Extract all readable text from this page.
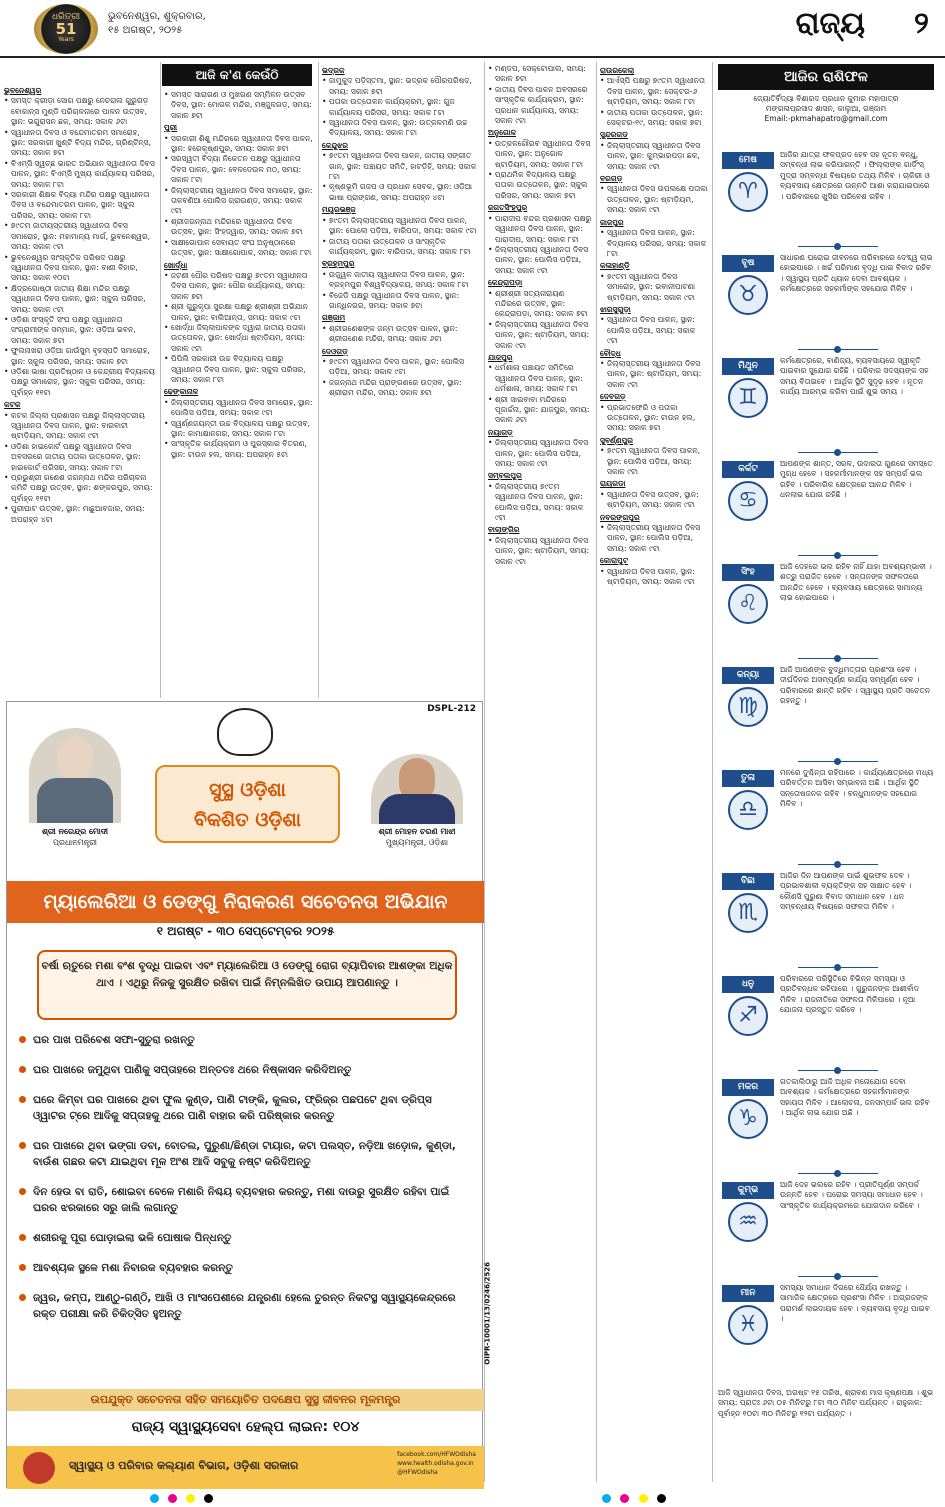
ଧରିତ୍ରୀ
51
Years
ଭୁବନେଶ୍ୱର, ଶୁକ୍ରବାର,
୧୫ ଅଗଷ୍ଟ, ୨୦୨୫	ରାଜ୍ୟ ୨
ଆଜି କ'ଣ କେଉଁଠି
ଭୁବନେଶ୍ୱର
• ସମସ୍ତ କ୍ରୀଡ଼ା ସୋଗ ପକ୍ଷରୁ ନେଚରାଲ ଗୁରୁଗଡ଼ ବୋକାନ୍ସ ମୁଣ୍ଡି ପରିଚାଳନାରେ ପାଳନ ଉତ୍ସବ, ସ୍ଥାନ: ଭଗୁରାସନ ଛକ, ସମୟ: ସକାଳ ୬ଟା
• ସ୍ୱାଧୀନତା ଦିବସ ଓ ବନ୍ଦେମାତରମ ସମାରୋହ, ସ୍ଥାନ: ସରକାରୀ ଖୁଣ୍ଟି ବିଦ୍ୟ ମନ୍ଦିର, ଗ୍ରିଣ୍ଟିନ୍ସ, ସମୟ: ସକାଳ ୭ଟା
• ବିଏମ୍ସି ସ୍ୱଚ୍ଛ ଭାରତ ଅଭିଯାନ ସ୍ୱାଧୀନତା ଦିବସ ପାଳନ, ସ୍ଥାନ: ବିଏମ୍ସି ମୁଖ୍ୟ କାର୍ଯ୍ୟାଳୟ ପରିସର, ସମୟ: ସକାଳ ୮ଟା
• ସରକାରୀ ଶିକ୍ଷକ ବିଦ୍ୟା ମନ୍ଦିର ପକ୍ଷରୁ ସ୍ୱାଧୀନତା ଦିବସ ଓ ବନ୍ଦେମାତରମ ପାଳନ, ସ୍ଥାନ: ସ୍କୁଲ ପରିସର, ସମୟ: ସକାଳ ୮ଟା
• ୭୯ତମ ଜାତୀୟସ୍ତରୀୟ ସ୍ୱାଧୀନତା ଦିବସ ସମାରୋହ, ସ୍ଥାନ: ମହାମାନ୍ୟ ମାର୍ଗ, ଭୁବନେଶ୍ୱର, ସମୟ: ସକାଳ ୯ଟା
• ଭୁବନେଶ୍ୱର ସାଂସ୍କୃତିକ ପରିଷଦ ପକ୍ଷରୁ ସ୍ୱାଧୀନତା ଦିବସ ପାଳନ, ସ୍ଥାନ: ବାଣୀ ବିହାର, ସମୟ: ସକାଳ ୧୦ଟା
• କ୍ଷିଦ୍ରଗୋଷ୍ଠୀ ଜାତୀୟ ଶିକ୍ଷା ମନ୍ଦିର ପକ୍ଷରୁ ସ୍ୱାଧୀନତା ଦିବସ ପାଳନ, ସ୍ଥାନ: ସ୍କୁଲ ପରିସର, ସମୟ: ସକାଳ ୯ଟା
• ଓଡ଼ିଶା ସଂସ୍କୃତି ସଂଘ ପକ୍ଷରୁ ସ୍ୱାଧୀନତା ସଂଗ୍ରାମୀଙ୍କ ସମ୍ମାନ, ସ୍ଥାନ: ଓଡ଼ିଆ ଭବନ, ସମୟ: ସକାଳ ୭ଟା
• ଫୁଲନାଖରା ଓଡ଼ିଆ ଗାଉଁସୁମ ବୃହସ୍ପତି ସମାରୋହ, ସ୍ଥାନ: ସ୍କୁଲ ପରିସର, ସମୟ: ସକାଳ ୭ଟା
• ଓଡ଼ିଶା ଭାଷା ପ୍ରତିଷ୍ଠାନ ଓ କେନ୍ଦ୍ରୀୟ ବିଦ୍ୟାଳୟ ପକ୍ଷରୁ ସମାରୋହ, ସ୍ଥାନ: ସ୍କୁଲ ପରିସର, ସମୟ: ପୂର୍ବାହ୍ନ ୧୧ଟା
କଟକ
• କଟକ ଜିଲ୍ଲା ପ୍ରଶାସନ ପକ୍ଷରୁ ଜିଲ୍ଲାସ୍ତରୀୟ ସ୍ୱାଧୀନତା ଦିବସ ପାଳନ, ସ୍ଥାନ: ବାରବାଟୀ ଷ୍ଟାଡ଼ିୟମ, ସମୟ: ସକାଳ ୯ଟା
• ଓଡ଼ିଶା ହାଇକୋର୍ଟ ପକ୍ଷରୁ ସ୍ୱାଧୀନତା ଦିବସ ଅବସରରେ ଜାତୀୟ ପତାକା ଉତ୍ତୋଳନ, ସ୍ଥାନ: ହାଇକୋର୍ଟ ପରିସର, ସମୟ: ସକାଳ ୮ଟା
• ପ୍ରଭୁଶ୍ରୀ ଗଣେଶ ଜଗନ୍ନାଥ ମନ୍ଦିର ପରିଚାଳନା କମିଟି ପକ୍ଷରୁ ଉତ୍ସବ, ସ୍ଥାନ: ଶଙ୍କରପୁର, ସମୟ: ପୂର୍ବାହ୍ନ ୧୧ଟା
• ପୁରୀଘାଟ ଉତ୍ସବ, ସ୍ଥାନ: ମାଛୁଆବଜାର, ସମୟ: ଅପରାହ୍ନ ୪ଟା
• ସମସ୍ତ ସାରାଗଣ ଓ ମୁଖଗଣ ସମ୍ମିଳନ ଉତ୍ସବ ଦିବସ, ସ୍ଥାନ: ମୋଗଳ ମନ୍ଦିର, ମଞ୍ଜୁଳଗଡ଼, ସମୟ: ସକାଳ ୭ଟା
ପୁରୀ
• ସରକାରୀ ଶିଶୁ ମନ୍ଦିରରେ ସ୍ୱାଧୀନତା ଦିବସ ପାଳନ, ସ୍ଥାନ: ହରେକୃଷ୍ଣପୁର, ସମୟ: ସକାଳ ୭ଟା
• ସରସ୍ୱତୀ ବିଦ୍ୟା ନିକେତନ ପକ୍ଷରୁ ସ୍ୱାଧୀନତା ଦିବସ ପାଳନ, ସ୍ଥାନ: ବେଳଦେଉଳ ମଠ, ସମୟ: ସକାଳ ୮ଟା
• ଜିଲ୍ଲାସ୍ତରୀୟ ସ୍ୱାଧୀନତା ଦିବସ ସମାରୋହ, ସ୍ଥାନ: ତାଳବଣିଆ ପୋଲିସ ଗ୍ରାଉଣ୍ଡ, ସମୟ: ସକାଳ ୯ଟା
• ଶ୍ରୀଜଗନ୍ନାଥ ମନ୍ଦିରରେ ସ୍ୱାଧୀନତା ଦିବସ ଉତ୍ସବ, ସ୍ଥାନ: ସିଂହଦ୍ୱାର, ସମୟ: ସକାଳ ୭ଟା
• ସାକ୍ଷୀଗୋପାଳ ସେବାୟତ ସଂଘ ଅନୁଷ୍ଠାନରେ ଉତ୍ସବ, ସ୍ଥାନ: ସାକ୍ଷୀଗୋପାଳ, ସମୟ: ସକାଳ ୮ଟା
ଖୋର୍ଦ୍ଧା
• ଜଟଣୀ ପୌର ପରିଷଦ ପକ୍ଷରୁ ୭୯ତମ ସ୍ୱାଧୀନତା ଦିବସ ପାଳନ, ସ୍ଥାନ: ପୌର କାର୍ଯ୍ୟାଳୟ, ସମୟ: ସକାଳ ୭ଟା
• ଶ୍ରୀ ଗୁରୁକୃପା ସୁରକ୍ଷା ପକ୍ଷରୁ ଶ୍ରୀଶ୍ରୀ ଅଭିଯାନ ପାଳନ, ସ୍ଥାନ: ବାଲିଆନ୍ତା, ସମୟ: ସକାଳ ୯ଟା
• ଖୋର୍ଦ୍ଧା ଜିଲ୍ଲାପାଳଙ୍କ ଦ୍ୱାରା ଜାତୀୟ ପତାକା ଉତ୍ତୋଳନ, ସ୍ଥାନ: ଖୋର୍ଦ୍ଧା ଷ୍ଟାଡ଼ିୟମ, ସମୟ: ସକାଳ ୯ଟା
• ପିପିଲି ସରକାରୀ ଉଚ୍ଚ ବିଦ୍ୟାଳୟ ପକ୍ଷରୁ ସ୍ୱାଧୀନତା ଦିବସ ପାଳନ, ସ୍ଥାନ: ସ୍କୁଲ ପରିସର, ସମୟ: ସକାଳ ୮ଟା
ଢେଙ୍କାନାଳ
• ଜିଲ୍ଲାସ୍ତରୀୟ ସ୍ୱାଧୀନତା ଦିବସ ସମାରୋହ, ସ୍ଥାନ: ପୋଲିସ ପଡ଼ିଆ, ସମୟ: ସକାଳ ୯ଟା
• ସ୍ୱର୍ଣ୍ଣଜୟନ୍ତୀ ଉଚ୍ଚ ବିଦ୍ୟାଳୟ ପକ୍ଷରୁ ଉତ୍ସବ, ସ୍ଥାନ: କାମାକ୍ଷାନଗର, ସମୟ: ସକାଳ ୮ଟା
• ସାଂସ୍କୃତିକ କାର୍ଯ୍ୟକ୍ରମ ଓ ପୁରସ୍କାର ବିତରଣ, ସ୍ଥାନ: ଟାଉନ ହଲ, ସମୟ: ଅପରାହ୍ନ ୫ଟା
ଭଦ୍ରକ
• ଜାମୁକୁଦ ପଡ଼ିସ୍ତମା, ସ୍ଥାନ: ଭଦ୍ରକ ପୌରପରିଷଦ, ସମୟ: ସକାଳ ୭ଟା
• ପତାକା ଉତ୍ତୋଳନ କାର୍ଯ୍ୟକ୍ରମ, ସ୍ଥାନ: ଗୁଜ କାର୍ଯ୍ୟାଳୟ ପରିସର, ସମୟ: ସକାଳ ୮ଟା
• ସ୍ୱାଧୀନତା ଦିବସ ପାଳନ, ସ୍ଥାନ: ଉତ୍କଳମଣି ଉଚ୍ଚ ବିଦ୍ୟାଳୟ, ସମୟ: ସକାଳ ୮ଟା
କେନ୍ଦୁଝର
• ୭୯ତମ ସ୍ୱାଧୀନତା ଦିବସ ପାଳନ, ଜାତୀୟ ସଙ୍ଗୀତ ଗାନ, ସ୍ଥାନ: ପଞ୍ଚାୟତ ସମିତି, ହାଟଡ଼ିହି, ସମୟ: ସକାଳ ୮ଟା
• କୃଷ୍ଣଭୂମି ଗଜପ ଓ ପ୍ରଧାନ ସେବକ, ସ୍ଥାନ: ଓଡ଼ିଆ ଭାଷା ପ୍ରାଙ୍ଗଣ, ସମୟ: ଅପରାହ୍ନ ୪ଟା
ମୟୂରଭଞ୍ଜ
• ୭୯ତମ ଜିଲ୍ଲାସ୍ତରୀୟ ସ୍ୱାଧୀନତା ଦିବସ ପାଳନ, ସ୍ଥାନ: ପୋଲୋ ପଡ଼ିଆ, ବାରିପଦା, ସମୟ: ସକାଳ ୯ଟା
• ଜାତୀୟ ପତାକା ଉତ୍ତୋଳନ ଓ ସାଂସ୍କୃତିକ କାର୍ଯ୍ୟକ୍ରମ, ସ୍ଥାନ: ବାରିପଦା, ସମୟ: ସକାଳ ୮ଟା
ବ୍ରହ୍ମପୁର
• ଉଜ୍ଜ୍ୱଳ ଜାତୀୟ ସ୍ୱାଧୀନତା ଦିବସ ପାଳନ, ସ୍ଥାନ: ବ୍ରହ୍ମପୁର ବିଶ୍ୱବିଦ୍ୟାଳୟ, ସମୟ: ସକାଳ ୮ଟା
• ବିଜେଡି ପକ୍ଷରୁ ସ୍ୱାଧୀନତା ଦିବସ ପାଳନ, ସ୍ଥାନ: ଗାନ୍ଧିନଗର, ସମୟ: ସକାଳ ୭ଟା
ଗଞ୍ଜାମ
• ଶ୍ରୀଗଣେଶଙ୍କ ଜନ୍ମ ଉତ୍ସବ ପାଳନ, ସ୍ଥାନ: ଶ୍ରୀଗଣେଶ ମନ୍ଦିର, ସମୟ: ସକାଳ ୬ଟା
ଦେଓଗଡ଼
• ୭୯ତମ ସ୍ୱାଧୀନତା ଦିବସ ପାଳନ, ସ୍ଥାନ: ପୋଲିସ ପଡ଼ିଆ, ସମୟ: ସକାଳ ୯ଟା
• ଜଗନ୍ନାଥ ମନ୍ଦିର ପ୍ରାଙ୍ଗଣରେ ଉତ୍ସବ, ସ୍ଥାନ: ଶ୍ରୀରାମ ମନ୍ଦିର, ସମୟ: ସକାଳ ୭ଟା
• ମଣ୍ଡପ, ସେକ୍ଟୋପାଲ, ସମୟ: ସକାଳ ୭ଟା
• ଜାତୀୟ ଦିବସ ପାଳନ ଅବସରରେ ସାଂସ୍କୃତିକ କାର୍ଯ୍ୟକ୍ରମ, ସ୍ଥାନ: ପ୍ରଧାନ କାର୍ଯ୍ୟାଳୟ, ସମୟ: ସକାଳ ୯ଟା
ଅନୁଗୋଳ
• ଉତ୍କଳଗୌରବ ସ୍ୱାଧୀନତା ଦିବସ ପାଳନ, ସ୍ଥାନ: ଅନୁଗୋଳ ଷ୍ଟାଡ଼ିୟମ, ସମୟ: ସକାଳ ୮ଟା
• ପ୍ରାଥମିକ ବିଦ୍ୟାଳୟ ପକ୍ଷରୁ ପତାକା ଉତ୍ତୋଳନ, ସ୍ଥାନ: ସ୍କୁଲ ପରିସର, ସମୟ: ସକାଳ ୭ଟା
ଜଗତସିଂହପୁର
• ପାରାଦୀପ ବନ୍ଦର ପ୍ରଶାସନ ପକ୍ଷରୁ ସ୍ୱାଧୀନତା ଦିବସ ପାଳନ, ସ୍ଥାନ: ପାରାଦୀପ, ସମୟ: ସକାଳ ୮ଟା
• ଜିଲ୍ଲାସ୍ତରୀୟ ସ୍ୱାଧୀନତା ଦିବସ ପାଳନ, ସ୍ଥାନ: ପୋଲିସ ପଡ଼ିଆ, ସମୟ: ସକାଳ ୯ଟା
କେନ୍ଦ୍ରାପଡ଼ା
• ଶ୍ରୀଶ୍ରୀ ସତ୍ୟନାରାୟଣ ମନ୍ଦିରରେ ଉତ୍ସବ, ସ୍ଥାନ: କେନ୍ଦ୍ରାପଡ଼ା, ସମୟ: ସକାଳ ୭ଟା
• ଜିଲ୍ଲାସ୍ତରୀୟ ସ୍ୱାଧୀନତା ଦିବସ ପାଳନ, ସ୍ଥାନ: ଷ୍ଟାଡ଼ିୟମ, ସମୟ: ସକାଳ ୯ଟା
ଯାଜପୁର
• ଧର୍ମଶାଳା ପଞ୍ଚାୟତ ସମିତିରେ ସ୍ୱାଧୀନତା ଦିବସ ପାଳନ, ସ୍ଥାନ: ଧର୍ମଶାଳା, ସମୟ: ସକାଳ ୮ଟା
• ଶ୍ରୀ ସାଇବାବା ମନ୍ଦିରରେ ପୂଜାର୍ଚ୍ଚନା, ସ୍ଥାନ: ଯାଜପୁର, ସମୟ: ସକାଳ ୬ଟା
ନୟାଗଡ଼
• ଜିଲ୍ଲାସ୍ତରୀୟ ସ୍ୱାଧୀନତା ଦିବସ ପାଳନ, ସ୍ଥାନ: ପୋଲିସ ପଡ଼ିଆ, ସମୟ: ସକାଳ ୯ଟା
ସମ୍ବଲପୁର
• ଜିଲ୍ଲାସ୍ତରୀୟ ୭୯ତମ ସ୍ୱାଧୀନତା ଦିବସ ପାଳନ, ସ୍ଥାନ: ପୋଲିସ ପଡ଼ିଆ, ସମୟ: ସକାଳ ୯ଟା
ବାଲାଙ୍ଗିର
• ଜିଲ୍ଲାସ୍ତରୀୟ ସ୍ୱାଧୀନତା ଦିବସ ପାଳନ, ସ୍ଥାନ: ଷ୍ଟାଡ଼ିୟମ, ସମୟ: ସକାଳ ୯ଟା
ରାଉରକେଲା
• ଆର୍ଏସ୍ପି ପକ୍ଷରୁ ୭୯ତମ ସ୍ୱାଧୀନତା ଦିବସ ପାଳନ, ସ୍ଥାନ: ସେକ୍ଟର-୬ ଷ୍ଟାଡ଼ିୟମ, ସମୟ: ସକାଳ ୮ଟା
• ଜାତୀୟ ପତାକା ଉତ୍ତୋଳନ, ସ୍ଥାନ: ସେକ୍ଟର-୧୯, ସମୟ: ସକାଳ ୭ଟା
ସୁନ୍ଦରଗଡ଼
• ଜିଲ୍ଲାସ୍ତରୀୟ ସ୍ୱାଧୀନତା ଦିବସ ପାଳନ, ସ୍ଥାନ: କୁମ୍ଭାରପଡ଼ା ଛକ, ସମୟ: ସକାଳ ୯ଟା
ବରଗଡ଼
• ସ୍ୱାଧୀନତା ଦିବସ ଉପଲକ୍ଷେ ପତାକା ଉତ୍ତୋଳନ, ସ୍ଥାନ: ଷ୍ଟାଡ଼ିୟମ, ସମୟ: ସକାଳ ୯ଟା
ଜାଜପୁର
• ସ୍ୱାଧୀନତା ଦିବସ ପାଳନ, ସ୍ଥାନ: ବିଦ୍ୟାଳୟ ପରିସର, ସମୟ: ସକାଳ ୮ଟା
କଳାହାଣ୍ଡି
• ୭୯ତମ ସ୍ୱାଧୀନତା ଦିବସ ସମାରୋହ, ସ୍ଥାନ: ଭବାନୀପାଟଣା ଷ୍ଟାଡ଼ିୟମ, ସମୟ: ସକାଳ ୯ଟା
ଝାରସୁଗୁଡ଼ା
• ସ୍ୱାଧୀନତା ଦିବସ ପାଳନ, ସ୍ଥାନ: ପୋଲିସ ପଡ଼ିଆ, ସମୟ: ସକାଳ ୯ଟା
ବୌଦ୍ଧ
• ଜିଲ୍ଲାସ୍ତରୀୟ ସ୍ୱାଧୀନତା ଦିବସ ପାଳନ, ସ୍ଥାନ: ଷ୍ଟାଡ଼ିୟମ, ସମୟ: ସକାଳ ୯ଟା
ଦେବଗଡ଼
• ପ୍ରଭାତଫେରି ଓ ପତାକା ଉତ୍ତୋଳନ, ସ୍ଥାନ: ଟାଉନ ହଲ, ସମୟ: ସକାଳ ୭ଟା
ସୁବର୍ଣ୍ଣପୁର
• ୭୯ତମ ସ୍ୱାଧୀନତା ଦିବସ ପାଳନ, ସ୍ଥାନ: ପୋଲିସ ପଡ଼ିଆ, ସମୟ: ସକାଳ ୯ଟା
ରାୟଗଡ଼ା
• ସ୍ୱାଧୀନତା ଦିବସ ଉତ୍ସବ, ସ୍ଥାନ: ଷ୍ଟାଡ଼ିୟମ, ସମୟ: ସକାଳ ୯ଟା
ନବରଙ୍ଗପୁର
• ଜିଲ୍ଲାସ୍ତରୀୟ ସ୍ୱାଧୀନତା ଦିବସ ପାଳନ, ସ୍ଥାନ: ପୋଲିସ ପଡ଼ିଆ, ସମୟ: ସକାଳ ୯ଟା
କୋରାପୁଟ
• ସ୍ୱାଧୀନତା ଦିବସ ପାଳନ, ସ୍ଥାନ: ଷ୍ଟାଡ଼ିୟମ, ସମୟ: ସକାଳ ୯ଟା
DSPL-212
ଶ୍ରୀ ନରେନ୍ଦ୍ର ମୋଦୀ
ପ୍ରଧାନମନ୍ତ୍ରୀ
ଶ୍ରୀ ମୋହନ ଚରଣ ମାଝୀ
ମୁଖ୍ୟମନ୍ତ୍ରୀ, ଓଡ଼ିଶା
ସୁସ୍ଥ ଓଡ଼ିଶା
ବିକଶିତ ଓଡ଼ିଶା
ମ୍ୟାଲେରିଆ ଓ ଡେଙ୍ଗୁ ନିରାକରଣ ସଚେତନତା ଅଭିଯାନ
୧ ଅଗଷ୍ଟ - ୩୦ ସେପ୍ଟେମ୍ବର ୨୦୨୫
ବର୍ଷା ଋତୁରେ ମଶା ବଂଶ ବୃଦ୍ଧି ପାଇବା ଏବଂ ମ୍ୟାଲେରିଆ ଓ ଡେଙ୍ଗୁ ରୋଗ ବ୍ୟାପିବାର ଆଶଙ୍କା ଅଧିକ ଥାଏ । ଏଥିରୁ ନିଜକୁ ସୁରକ୍ଷିତ ରଖିବା ପାଇଁ ନିମ୍ନଲିଖିତ ଉପାୟ ଆପଣାନ୍ତୁ ।
ଘର ପାଖ ପରିବେଶ ସଫା-ସୁତୁରା ରଖନ୍ତୁ
ଘର ପାଖରେ ଜମୁଥିବା ପାଣିକୁ ସପ୍ତାହରେ ଅନ୍ତତଃ ଥରେ ନିଷ୍କାସନ କରିଦିଅନ୍ତୁ
ଘରେ କିମ୍ବା ଘର ପାଖରେ ଥିବା ଫୁଲ କୁଣ୍ଡ, ପାଣି ଟାଙ୍କି, କୁଲର, ଫ୍ରିଜ୍ର ପଛପଟେ ଥିବା ଡ୍ରିପ୍ସ ଓ୍ୱାଟର ଟ୍ରେ ଆଦିକୁ ସପ୍ତାହକୁ ଥରେ ପାଣି ବାହାର କରି ପରିଷ୍କାର କରନ୍ତୁ
ଘର ପାଖରେ ଥିବା ଭଙ୍ଗା ଡବା, ବୋତଲ, ପୁରୁଣା/ଛିଣ୍ଡା ଟାୟାର, କଟା ପଲସ୍ତ, ନଡ଼ିଆ ଖଡ଼ୋଳ, କୁଣ୍ଡା, ବାଉଁଶ ଗଛର କଟା ଯାଇଥିବା ମୂଳ ଅଂଶ ଆଦି ସବୁକୁ ନଷ୍ଟ କରିଦିଅନ୍ତୁ
ଦିନ ହେଉ ବା ରାତି, ଶୋଇବା ବେଳେ ମଶାରି ନିଶ୍ଚୟ ବ୍ୟବହାର କରନ୍ତୁ, ମଶା ଦାଉରୁ ସୁରକ୍ଷିତ ରହିବା ପାଇଁ ଘରର ଝରକାରେ ସରୁ ଜାଲି ଲଗାନ୍ତୁ
ଶରୀରକୁ ପୂରା ଘୋଡ଼ାଇଲା ଭଳି ପୋଷାକ ପିନ୍ଧନ୍ତୁ
ଆବଶ୍ୟକ ସ୍ଥଳେ ମଶା ନିବାରକ ବ୍ୟବହାର କରନ୍ତୁ
ଜ୍ୱର, କମ୍ପ, ଆଣ୍ଠୁ-ଗଣ୍ଠି, ଆଖି ଓ ମାଂସପେଶୀରେ ଯନ୍ତ୍ରଣା ହେଲେ ତୁରନ୍ତ ନିକଟସ୍ଥ ସ୍ୱାସ୍ଥ୍ୟକେନ୍ଦ୍ରରେ ରକ୍ତ ପରୀକ୍ଷା କରି ଚିକିତ୍ସିତ ହୁଅନ୍ତୁ	OIPR-10001/13/0246/2526
ଉପଯୁକ୍ତ ସଚେତନତା ସହିତ ସମୟୋଚିତ ପଦକ୍ଷେପ ସୁସ୍ଥ ଜୀବନର ମୂଳମନ୍ତ୍ର
ରାଜ୍ୟ ସ୍ୱାସ୍ଥ୍ୟସେବା ହେଲ୍ପ ଲାଇନ: ୧୦୪
ସ୍ୱାସ୍ଥ୍ୟ ଓ ପରିବାର କଲ୍ୟାଣ ବିଭାଗ, ଓଡ଼ିଶା ସରକାର
facebook.com/HFWOdisha
www.health.odisha.gov.in
@HFWOdisha
ଆଜିର ରାଶିଫଳ
ଜ୍ୟୋତିର୍ବିଦ୍ୟା ବିଶାରଦ ପ୍ରଧାନ କୁମାର ମହାପାତ୍ର
ମଙ୍ଗଳାପ୍ରସାଦ ଶାସନ, କାଲୁଆ, ଗଞ୍ଜାମ
Email:-pkmahapatro@gmail.com
ମେଷ
♈
ଆଜିର ଯାତ୍ରା ଫଳପ୍ରଦ ହେବ ସହ ନୂତନ ବନ୍ଧୁ, ସମ୍ବନ୍ଧୀ ଲାଭ କରିପାରନ୍ତି । ଫିଲ୍ଲାଙ୍କ ଗାର୍ଡ଼ିଂସ୍ ମୁଦ୍ରା ସମ୍ବନ୍ଧୀ ବିଷୟରେ ତଥ୍ୟ ମିଳିବ । ଚାକିରୀ ଓ ବ୍ୟବସାୟ କ୍ଷେତ୍ରରେ ଉନ୍ନତି ଆଶା କରାଯାଇପାରେ । ପରିବାରରେ ଖୁସିର ପରିବେଶ ରହିବ ।
ବୃଷ
♉
ସାଧାରଣ ଘରୋଇ ଜୀବନରେ ପରିବାରରେ ଦେବ୍ଦ୍ୱ ଲାଭ ହୋଇପାରେ । ଖର୍ଚ୍ଚ ପରିମାଣ ବୃଦ୍ଧି ପାଇ ବିବାଦ ରହିବ । ସ୍ୱାସ୍ଥ୍ୟ ପ୍ରତି ଧ୍ୟାନ ଦେବା ଆବଶ୍ୟକ । କର୍ମକ୍ଷେତ୍ରରେ ସହକର୍ମୀଙ୍କ ସହଯୋଗ ମିଳିବ ।
ମିଥୁନ
♊
କର୍ମକ୍ଷେତ୍ରରେ, ବାଣିଜ୍ୟ, ବ୍ୟବସାୟରେ ସ୍ୱୀକୃତି ପାଇବାର ସୁଯୋଗ ରହିଛି । ପରିବାର ସଦସ୍ୟଙ୍କ ସହ ସମୟ ବିତାଇବେ । ଆର୍ଥିକ ସ୍ଥିତି ସୁଦୃଢ଼ ହେବ । ନୂତନ କାର୍ଯ୍ୟ ଆରମ୍ଭ କରିବା ପାଇଁ ଶୁଭ ସମୟ ।
କର୍କଟ
♋
ଆପଣଙ୍କ ଶାନ୍ତ, ସରଳ, ଉଦାରତା ଗୁଣରେ ସମସ୍ତେ ମୁଗ୍ଧ ହେବେ । ସହକର୍ମୀମାନଙ୍କ ସହ ସମ୍ପର୍କ ଭଲ ରହିବ । ପରିବାରିକ କ୍ଷେତ୍ରରେ ଆନନ୍ଦ ମିଳିବ । ଧନଲାଭ ଯୋଗ ରହିଛି ।
ସିଂହ
♌
ଆଜି ଦେହରେ ଭଲ ରହିବ ନାହିଁ ଯାହା ଅବଶ୍ୟମ୍ଭାବୀ । ଶତ୍ରୁ ପରାଜିତ ହେବେ । ସନ୍ତାନଙ୍କ ସଫଳତାରେ ଆନନ୍ଦିତ ହେବେ । ବ୍ୟବସାୟ କ୍ଷେତ୍ରରେ ସାମାନ୍ୟ ଲାଭ ହୋଇପାରେ ।
କନ୍ୟା
♍
ଆଜି ଆପଣଙ୍କ ବୁଦ୍ଧିମତ୍ତାର ପ୍ରଶଂସା ହେବ । ଦୀର୍ଘଦିନର ଅସମ୍ପୂର୍ଣ୍ଣ କାର୍ଯ୍ୟ ସମ୍ପୂର୍ଣ୍ଣ ହେବ । ପରିବାରରେ ଶାନ୍ତି ରହିବ । ସ୍ୱାସ୍ଥ୍ୟ ପ୍ରତି ସଚେତନ ରହନ୍ତୁ ।
ତୁଳା
♎
ମନରେ ଦୁଶ୍ଚିନ୍ତା ରହିପାରେ । କାର୍ଯ୍ୟକ୍ଷେତ୍ରରେ ମଧ୍ୟ ପରିବର୍ତ୍ତନ ଆସିବା ସମ୍ଭାବନା ଅଛି । ଆର୍ଥିକ ସ୍ଥିତି ସନ୍ତୋଷଜନକ ରହିବ । ବନ୍ଧୁମାନଙ୍କ ସହଯୋଗ ମିଳିବ ।
ବିଛା
♏
ଆଜିର ଦିନ ଆପଣଙ୍କ ପାଇଁ ଶୁଭଫଳ ଦେବ । ପ୍ରଭାବଶାଳୀ ବ୍ୟକ୍ତିଙ୍କ ସହ ସାକ୍ଷାତ ହେବ । କୌଣସି ପୁରୁଣା ବିବାଦ ସମାଧାନ ହେବ । ଧନ ସମ୍ବନ୍ଧୀୟ ବିଷୟରେ ସଫଳତା ମିଳିବ ।
ଧନୁ
♐
ପରିବାରରେ ପରିସ୍ଥିତିରେ ବିଭିନ୍ନ ସମସ୍ୟା ଓ ପ୍ରତିବନ୍ଧକ ରହିପାରେ । ଗୁରୁଜନଙ୍କ ଆଶୀର୍ବାଦ ମିଳିବ । ରାଜନୀତିରେ ସଫଳତା ମିଳିପାରେ । ନୂଆ ଯୋଜନା ପ୍ରସ୍ତୁତ କରିବେ ।
ମକର
♑
ଗତକାଲିଠାରୁ ଆଜି ଅଧିକ ମନୋଯୋଗ ଦେବା ଆବଶ୍ୟକ । କର୍ମକ୍ଷେତ୍ରରେ ସହକର୍ମୀମାନଙ୍କ ସହାୟତା ମିଳିବ । ଆଲୋଚନା, ଜନସମ୍ପର୍କ ଭଲ ରହିବ । ଆର୍ଥିକ ଲାଭ ଯୋଗ ଅଛି ।
କୁମ୍ଭ
♒
ଆଜି ଦେହ ଭଲରେ ରହିବ । ପ୍ରୀତିପୂର୍ଣ୍ଣ ସମ୍ପର୍କ ଉନ୍ନତି ହେବ । ଘରୋଇ ସମସ୍ୟା ସମାଧାନ ହେବ । ସାଂସ୍କୃତିକ କାର୍ଯ୍ୟକ୍ରମରେ ଯୋଗଦାନ କରିବେ ।
ମୀନ
♓
ସମସ୍ୟା ସମାଧାନ ଦିଗରେ ଧୈର୍ଯ୍ୟ ରଖନ୍ତୁ । ସାମାଜିକ କ୍ଷେତ୍ରରେ ପ୍ରଶଂସା ମିଳିବ । ଅଗ୍ରଜଙ୍କ ପରାମର୍ଶ ଲାଭଦାୟକ ହେବ । ବ୍ୟବସାୟ ବୃଦ୍ଧି ପାଇବ ।
ଆଜି ସ୍ୱାଧୀନତା ଦିବସ, ଅଗଷ୍ଟ ୧୫ ତାରିଖ, ଶ୍ରାବଣ ମାସ କୃଷ୍ଣପକ୍ଷ । ଶୁଭ ସମୟ: ପ୍ରାତଃ ୬ଟା ୦୫ ମିନିଟରୁ ୮ଟା ୩୦ ମିନିଟ ପର୍ଯ୍ୟନ୍ତ । ରାହୁକାଳ: ପୂର୍ବାହ୍ନ ୧୦ଟା ୩୦ ମିନିଟରୁ ୧୨ଟା ପର୍ଯ୍ୟନ୍ତ ।
